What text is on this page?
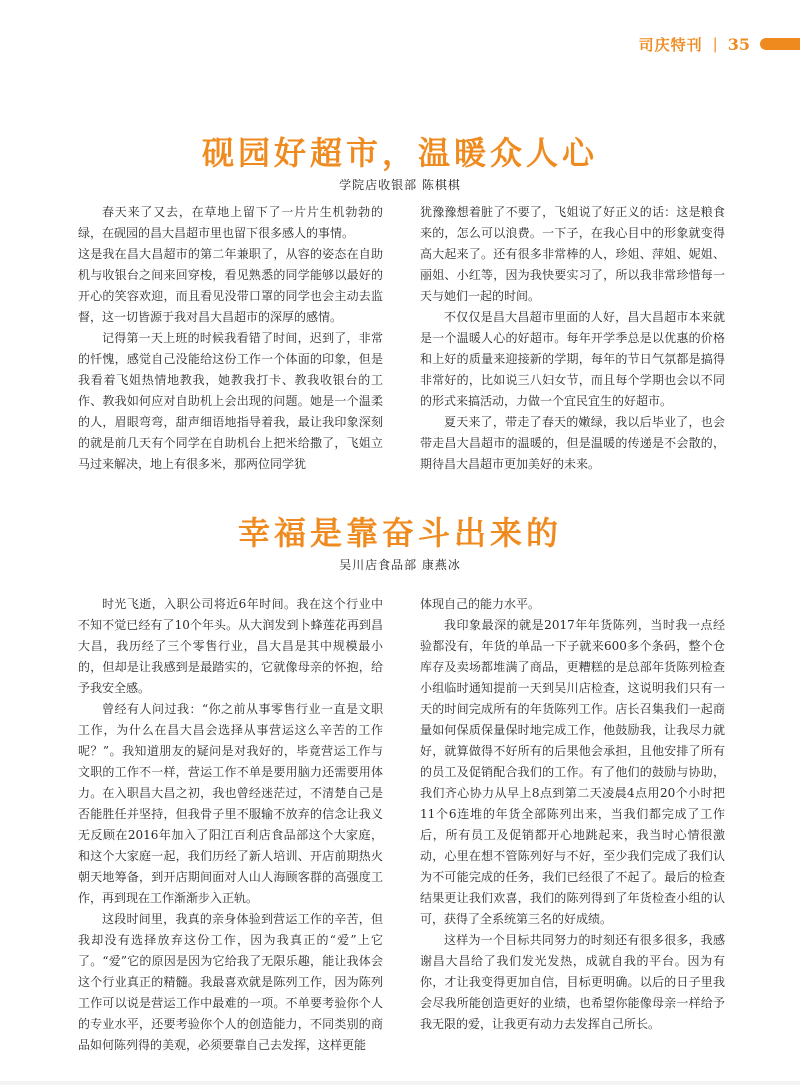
司庆特刊 | 35
砚园好超市，温暖众人心
学院店收银部 陈棋棋

春天来了又去，在草地上留下了一片片生机勃勃的绿，在砚园的昌大昌超市里也留下很多感人的事情。

这是我在昌大昌超市的第二年兼职了，从容的姿态在自助机与收银台之间来回穿梭，看见熟悉的同学能够以最好的开心的笑容欢迎，而且看见没带口罩的同学也会主动去监督，这一切皆源于我对昌大昌超市的深厚的感情。

记得第一天上班的时候我看错了时间，迟到了，非常的忏愧，感觉自己没能给这份工作一个体面的印象，但是我看着飞姐热情地教我，她教我打卡、教我收银台的工作、教我如何应对自助机上会出现的问题。她是一个温柔的人，眉眼弯弯，甜声细语地指导着我，最让我印象深刻的就是前几天有个同学在自助机台上把米给撒了，飞姐立马过来解决，地上有很多米，那两位同学犹

犹豫豫想着脏了不要了，飞姐说了好正义的话：这是粮食来的，怎么可以浪费。一下子，在我心目中的形象就变得高大起来了。还有很多非常棒的人，珍姐、萍姐、妮姐、丽姐、小红等，因为我快要实习了，所以我非常珍惜每一天与她们一起的时间。

不仅仅是昌大昌超市里面的人好，昌大昌超市本来就是一个温暖人心的好超市。每年开学季总是以优惠的价格和上好的质量来迎接新的学期，每年的节日气氛都是搞得非常好的，比如说三八妇女节，而且每个学期也会以不同的形式来搞活动，力做一个宜民宜生的好超市。

夏天来了，带走了春天的嫩绿，我以后毕业了，也会带走昌大昌超市的温暖的，但是温暖的传递是不会散的，期待昌大昌超市更加美好的未来。

幸福是靠奋斗出来的
吴川店食品部 康燕冰

时光飞逝，入职公司将近6年时间。我在这个行业中不知不觉已经有了10个年头。从大润发到卜蜂莲花再到昌大昌，我历经了三个零售行业，昌大昌是其中规模最小的，但却是让我感到是最踏实的，它就像母亲的怀抱，给予我安全感。

曾经有人问过我：“你之前从事零售行业一直是文职工作，为什么在昌大昌会选择从事营运这么辛苦的工作呢？”。我知道朋友的疑问是对我好的，毕竟营运工作与文职的工作不一样，营运工作不单是要用脑力还需要用体力。在入职昌大昌之初，我也曾经迷茫过，不清楚自己是否能胜任并坚持，但我骨子里不服输不放弃的信念让我义无反顾在2016年加入了阳江百利店食品部这个大家庭，和这个大家庭一起，我们历经了新人培训、开店前期热火朝天地筹备，到开店期间面对人山人海顾客群的高强度工作，再到现在工作渐渐步入正轨。

这段时间里，我真的亲身体验到营运工作的辛苦，但我却没有选择放弃这份工作，因为我真正的“爱”上它了。“爱”它的原因是因为它给我了无限乐趣，能让我体会这个行业真正的精髓。我最喜欢就是陈列工作，因为陈列工作可以说是营运工作中最难的一项。不单要考验你个人的专业水平，还要考验你个人的创造能力，不同类别的商品如何陈列得的美观，必须要靠自己去发挥，这样更能

体现自己的能力水平。

我印象最深的就是2017年年货陈列，当时我一点经验都没有，年货的单品一下子就来600多个条码，整个仓库存及卖场都堆满了商品，更糟糕的是总部年货陈列检查小组临时通知提前一天到吴川店检查，这说明我们只有一天的时间完成所有的年货陈列工作。店长召集我们一起商量如何保质保量保时地完成工作，他鼓励我，让我尽力就好，就算做得不好所有的后果他会承担，且他安排了所有的员工及促销配合我们的工作。有了他们的鼓励与协助，我们齐心协力从早上8点到第二天凌晨4点用20个小时把11个6连堆的年货全部陈列出来，当我们都完成了工作后，所有员工及促销都开心地跳起来，我当时心情很激动，心里在想不管陈列好与不好，至少我们完成了我们认为不可能完成的任务，我们已经很了不起了。最后的检查结果更让我们欢喜，我们的陈列得到了年货检查小组的认可，获得了全系统第三名的好成绩。

这样为一个目标共同努力的时刻还有很多很多，我感谢昌大昌给了我们发光发热，成就自我的平台。因为有你，才让我变得更加自信，目标更明确。以后的日子里我会尽我所能创造更好的业绩，也希望你能像母亲一样给予我无限的爱，让我更有动力去发挥自己所长。
